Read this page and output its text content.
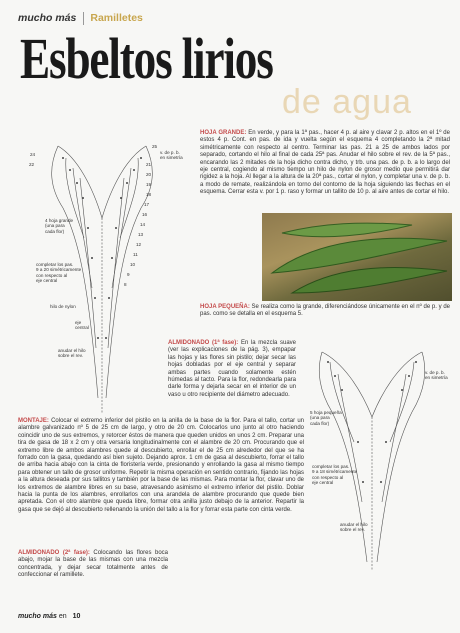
mucho más Ramilletes
Esbeltos lirios
de agua
24
25
22	21
20
19
18
17
16
14
13
12
11
10
9
8
v. de p. b.
en simetría
4 hoja grande
(una para
cada flor)
completar los pas.
9 a 20 simétricamente
con respecto al
eje central
hilo de nylon
eje
central
anudar el hilo
sobre el rev.
HOJA GRANDE: En verde, y para la 1ª pas., hacer 4 p. al aire y clavar 2 p. altos en el 1º de estos 4 p. Cont. en pas. de ida y vuelta según el esquema 4 completando la 2ª mitad simétricamente con respecto al centro. Terminar las pas. 21 a 25 de ambos lados por separado, cortando el hilo al final de cada 25ª pas. Anudar el hilo sobre el rev. de la 5ª pas., encarando las 2 mitades de la hoja dicho contra dicho, y trb. una pas. de p. b. a lo largo del eje central, cogiendo al mismo tiempo un hilo de nylon de grosor medio que permitirá dar rigidez a la hoja. Al llegar a la altura de la 20ª pas., cortar el nylon, y completar una v. de p. b. a modo de remate, realizándola en torno del contorno de la hoja siguiendo las flechas en el esquema. Cerrar esta v. por 1 p. raso y formar un tallito de 10 p. al aire antes de cortar el hilo.
HOJA PEQUEÑA: Se realiza como la grande, diferenciándose únicamente en el nº de p. y de pas. como se detalla en el esquema 5.
ALMIDONADO (1ª fase): En la mezcla suave (ver las explicaciones de la pág. 3), empapar las hojas y las flores sin pistilo; dejar secar las hojas dobladas por el eje central y separar ambas partes cuando solamente estén húmedas al tacto. Para la flor, redondearla para darle forma y dejarla secar en el interior de un vaso u otro recipiente del diámetro adecuado.
v. de p. b.
en simetría
5 hoja pequeña
(una para
cada flor)
completar los pas.
9 a 18 simétricamente
con respecto al
eje central
anudar el hilo
sobre el rev.
MONTAJE: Colocar el extremo inferior del pistilo en la anilla de la base de la flor. Para el tallo, cortar un alambre galvanizado nº 5 de 25 cm de largo, y otro de 20 cm. Colocarlos uno junto al otro haciendo coincidir uno de sus extremos, y retorcer éstos de manera que queden unidos en unos 2 cm. Preparar una tira de gasa de 18 x 2 cm y otra versaria longitudinalmente con el alambre de 20 cm. Procurando que el extremo libre de ambos alambres quede al descubierto, enrollar el de 25 cm alrededor del que se ha forrado con la gasa, quedando así bien sujeto. Dejando aprox. 1 cm de gasa al descubierto, forrar el tallo de arriba hacia abajo con la cinta de floristería verde, presionando y enrollando la gasa al mismo tiempo para obtener un tallo de grosor uniforme. Repetir la misma operación en sentido contrario, fijando las hojas a la altura deseada por sus tallitos y también por la base de las mismas. Para montar la flor, clavar uno de los extremos de alambre libres en su base, atravesando asimismo el extremo inferior del pistilo. Doblar hacia la punta de los alambres, enrollarlos con una arandela de alambre procurando que quede bien apretada. Con el otro alambre que queda libre, formar otra anilla justo debajo de la anterior. Repartir la gasa que se dejó al descubierto rellenando la unión del tallo a la flor y forrar esta parte con cinta verde.
ALMIDONADO (2ª fase): Colocando las flores boca abajo, mojar la base de las mismas con una mezcla concentrada, y dejar secar totalmente antes de confeccionar el ramillete.
mucho más en 10
